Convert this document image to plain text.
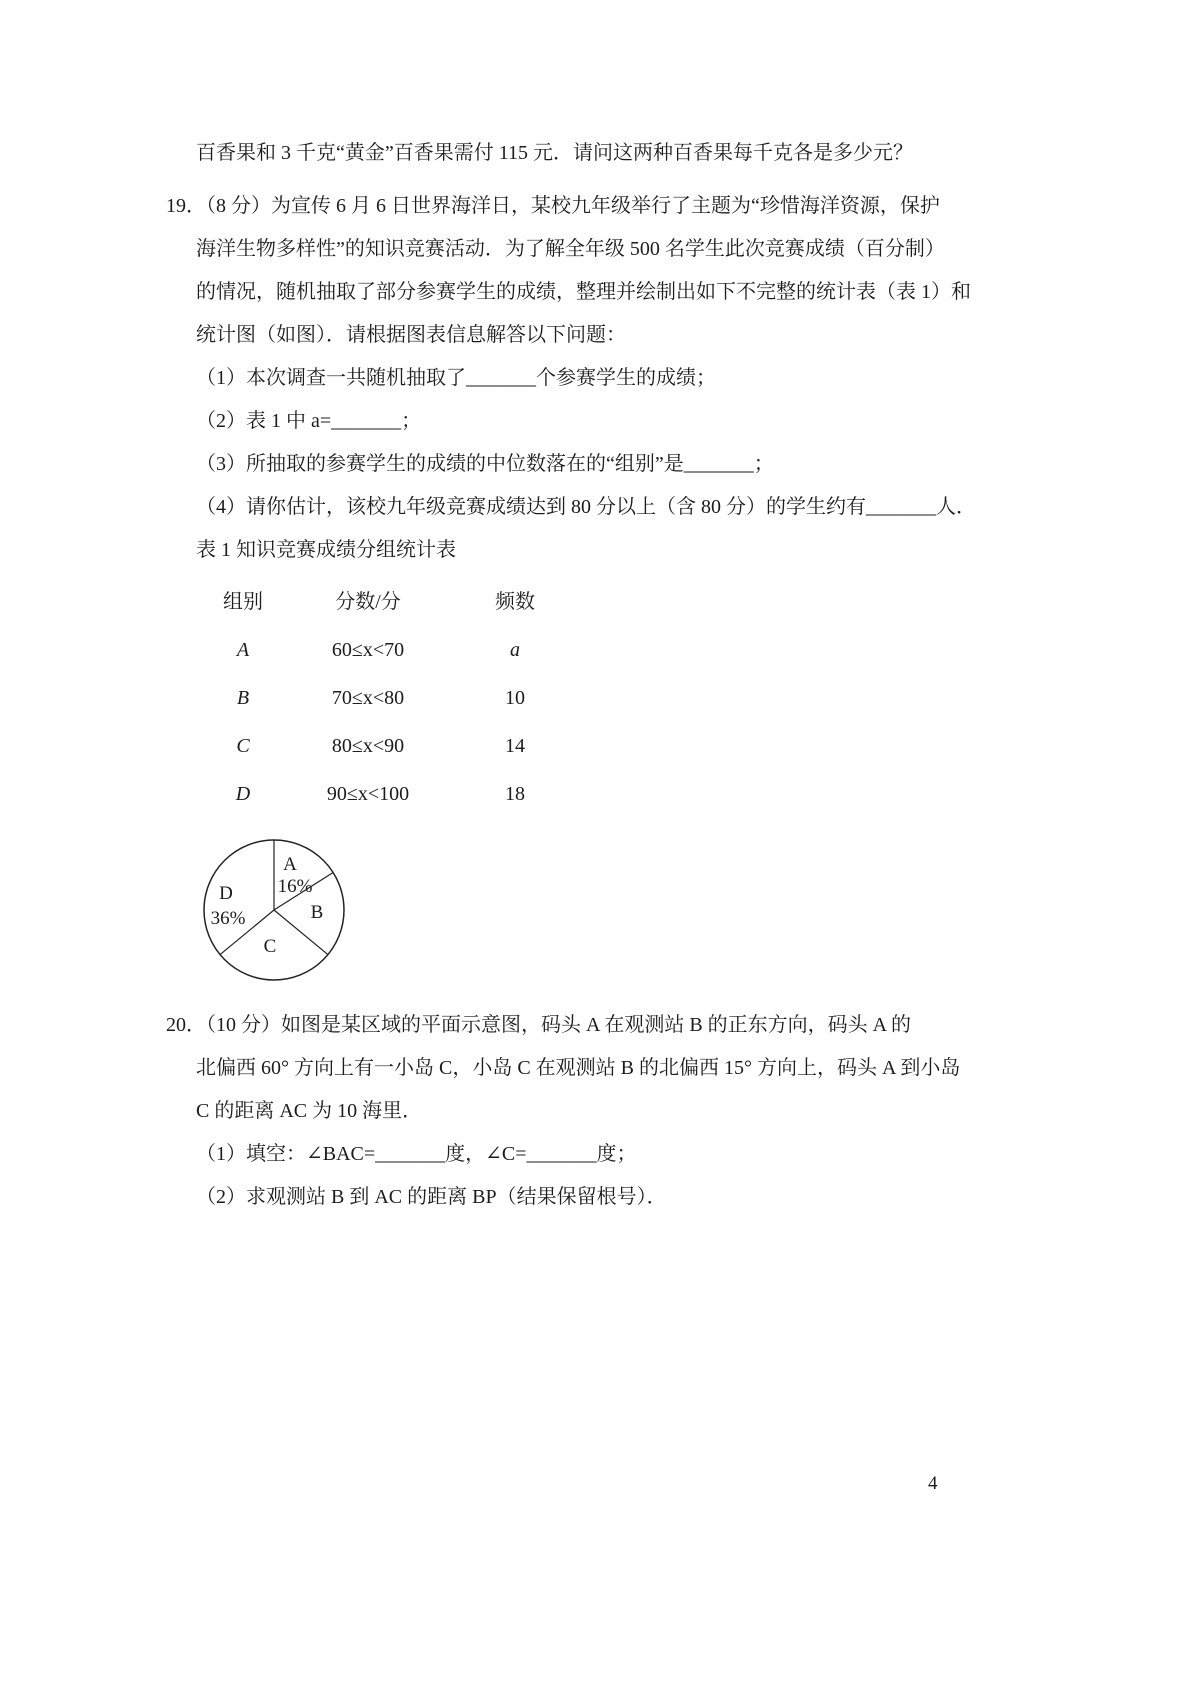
百香果和 3 千克“黄金”百香果需付 115 元．请问这两种百香果每千克各是多少元？
19．（8 分）为宣传 6 月 6 日世界海洋日，某校九年级举行了主题为“珍惜海洋资源，保护
海洋生物多样性”的知识竞赛活动．为了解全年级 500 名学生此次竞赛成绩（百分制）
的情况，随机抽取了部分参赛学生的成绩，整理并绘制出如下不完整的统计表（表 1）和
统计图（如图）．请根据图表信息解答以下问题：
（1）本次调查一共随机抽取了_______个参赛学生的成绩；
（2）表 1 中 a=_______；
（3）所抽取的参赛学生的成绩的中位数落在的“组别”是_______；
（4）请你估计，该校九年级竞赛成绩达到 80 分以上（含 80 分）的学生约有_______人．
表 1 知识竞赛成绩分组统计表
组别	分数/分	频数
A	60≤x<70	a
B	70≤x<80	10
C	80≤x<90	14
D	90≤x<100	18
A
16%
B
C
D
36%
20．（10 分）如图是某区域的平面示意图，码头 A 在观测站 B 的正东方向，码头 A 的
北偏西 60° 方向上有一小岛 C，小岛 C 在观测站 B 的北偏西 15° 方向上，码头 A 到小岛
C 的距离 AC 为 10 海里．
（1）填空：∠BAC=_______度，∠C=_______度；
（2）求观测站 B 到 AC 的距离 BP（结果保留根号）．
4
